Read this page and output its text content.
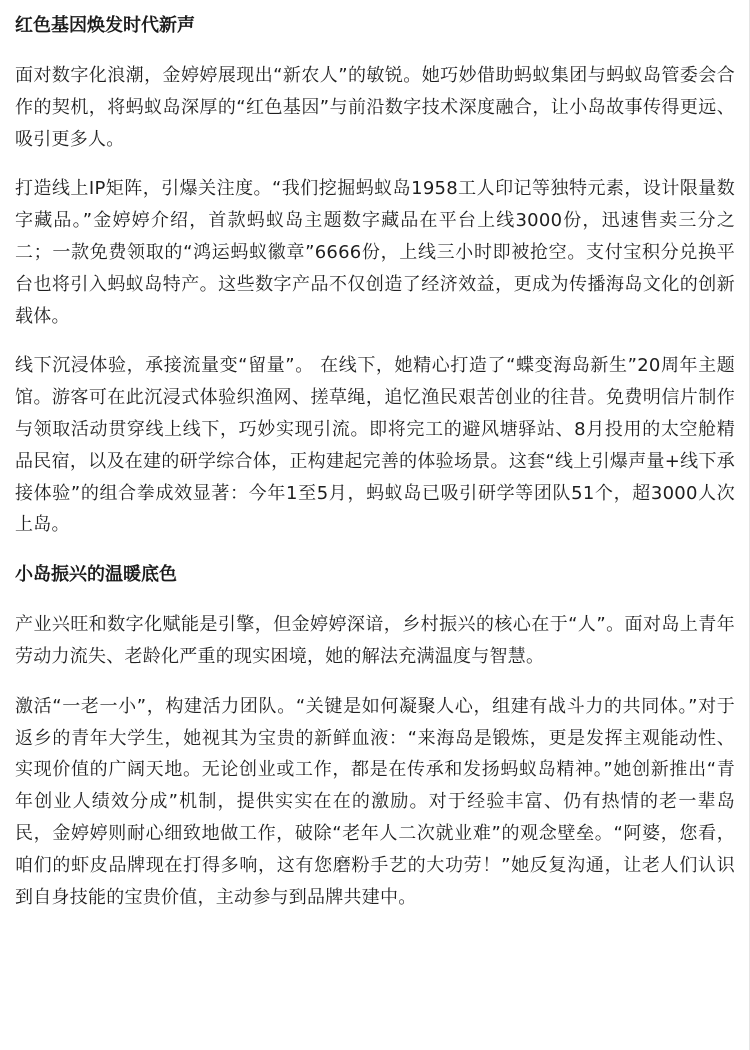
红色基因焕发时代新声

面对数字化浪潮，金婷婷展现出“新农人”的敏锐。她巧妙借助蚂蚁集团与蚂蚁岛管委会合作的契机，将蚂蚁岛深厚的“红色基因”与前沿数字技术深度融合，让小岛故事传得更远、吸引更多人。

打造线上IP矩阵，引爆关注度。“我们挖掘蚂蚁岛1958工人印记等独特元素，设计限量数字藏品。”金婷婷介绍，首款蚂蚁岛主题数字藏品在平台上线3000份，迅速售卖三分之二；一款免费领取的“鸿运蚂蚁徽章”6666份，上线三小时即被抢空。支付宝积分兑换平台也将引入蚂蚁岛特产。这些数字产品不仅创造了经济效益，更成为传播海岛文化的创新载体。

线下沉浸体验，承接流量变“留量”。 在线下，她精心打造了“蝶变海岛新生”20周年主题馆。游客可在此沉浸式体验织渔网、搓草绳，追忆渔民艰苦创业的往昔。免费明信片制作与领取活动贯穿线上线下，巧妙实现引流。即将完工的避风塘驿站、8月投用的太空舱精品民宿，以及在建的研学综合体，正构建起完善的体验场景。这套“线上引爆声量+线下承接体验”的组合拳成效显著：今年1至5月，蚂蚁岛已吸引研学等团队51个，超3000人次上岛。

小岛振兴的温暖底色

产业兴旺和数字化赋能是引擎，但金婷婷深谙，乡村振兴的核心在于“人”。面对岛上青年劳动力流失、老龄化严重的现实困境，她的解法充满温度与智慧。

激活“一老一小”，构建活力团队。“关键是如何凝聚人心，组建有战斗力的共同体。”对于返乡的青年大学生，她视其为宝贵的新鲜血液：“来海岛是锻炼，更是发挥主观能动性、实现价值的广阔天地。无论创业或工作，都是在传承和发扬蚂蚁岛精神。”她创新推出“青年创业人绩效分成”机制，提供实实在在的激励。对于经验丰富、仍有热情的老一辈岛民，金婷婷则耐心细致地做工作，破除“老年人二次就业难”的观念壁垒。“阿婆，您看，咱们的虾皮品牌现在打得多响，这有您磨粉手艺的大功劳！”她反复沟通，让老人们认识到自身技能的宝贵价值，主动参与到品牌共建中。
